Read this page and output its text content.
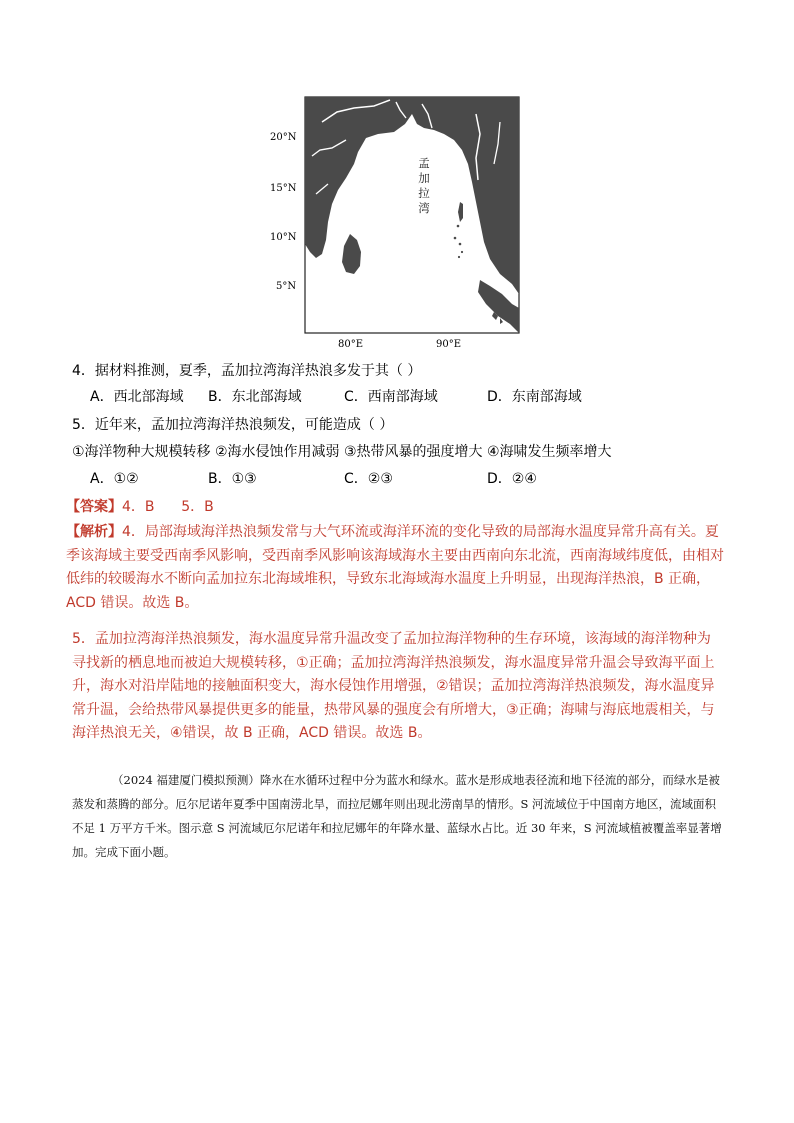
20°N
15°N
10°N
5°N
80°E	90°E
孟
加
拉
湾
4．据材料推测，夏季，孟加拉湾海洋热浪多发于其（ ）
A．西北部海域 B．东北部海域	C．西南部海域	D．东南部海域
5．近年来，孟加拉湾海洋热浪频发，可能造成（ ）
①海洋物种大规模转移 ②海水侵蚀作用减弱 ③热带风暴的强度增大 ④海啸发生频率增大
A．①②	B．①③	C．②③	D．②④
【答案】4．B      5．B
【解析】4．局部海域海洋热浪频发常与大气环流或海洋环流的变化导致的局部海水温度异常升高有关。夏季该海域主要受西南季风影响，受西南季风影响该海域海水主要由西南向东北流，西南海域纬度低，由相对低纬的较暖海水不断向孟加拉东北海域堆积，导致东北海域海水温度上升明显，出现海洋热浪，B 正确，ACD 错误。故选 B。
5．孟加拉湾海洋热浪频发，海水温度异常升温改变了孟加拉海洋物种的生存环境，该海域的海洋物种为寻找新的栖息地而被迫大规模转移，①正确；孟加拉湾海洋热浪频发，海水温度异常升温会导致海平面上升，海水对沿岸陆地的接触面积变大，海水侵蚀作用增强，②错误；孟加拉湾海洋热浪频发，海水温度异常升温，会给热带风暴提供更多的能量，热带风暴的强度会有所增大，③正确；海啸与海底地震相关，与海洋热浪无关，④错误，故 B 正确，ACD 错误。故选 B。
（2024 福建厦门模拟预测）降水在水循环过程中分为蓝水和绿水。蓝水是形成地表径流和地下径流的部分，而绿水是被蒸发和蒸腾的部分。厄尔尼诺年夏季中国南涝北旱，而拉尼娜年则出现北涝南旱的情形。S 河流域位于中国南方地区，流域面积不足 1 万平方千米。图示意 S 河流域厄尔尼诺年和拉尼娜年的年降水量、蓝绿水占比。近 30 年来，S 河流域植被覆盖率显著增加。完成下面小题。
